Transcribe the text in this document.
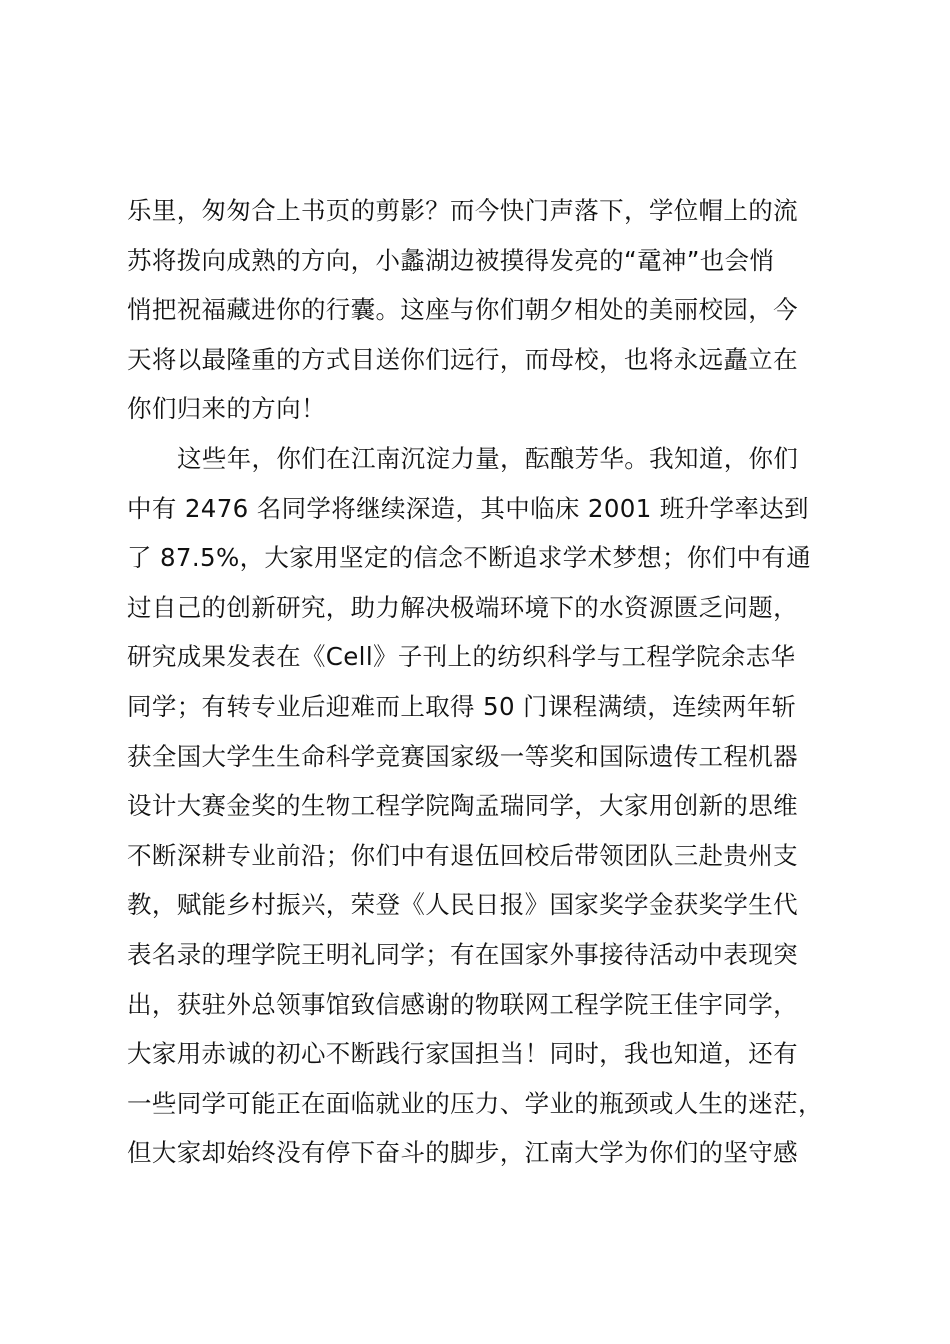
乐里，匆匆合上书页的剪影？而今快门声落下，学位帽上的流
苏将拨向成熟的方向，小蠡湖边被摸得发亮的“鼋神”也会悄
悄把祝福藏进你的行囊。这座与你们朝夕相处的美丽校园，今
天将以最隆重的方式目送你们远行，而母校，也将永远矗立在
你们归来的方向！
这些年，你们在江南沉淀力量，酝酿芳华。我知道，你们
中有 2476 名同学将继续深造，其中临床 2001 班升学率达到
了 87.5%，大家用坚定的信念不断追求学术梦想；你们中有通
过自己的创新研究，助力解决极端环境下的水资源匮乏问题，
研究成果发表在《Cell》子刊上的纺织科学与工程学院余志华
同学；有转专业后迎难而上取得 50 门课程满绩，连续两年斩
获全国大学生生命科学竞赛国家级一等奖和国际遗传工程机器
设计大赛金奖的生物工程学院陶孟瑞同学，大家用创新的思维
不断深耕专业前沿；你们中有退伍回校后带领团队三赴贵州支
教，赋能乡村振兴，荣登《人民日报》国家奖学金获奖学生代
表名录的理学院王明礼同学；有在国家外事接待活动中表现突
出，获驻外总领事馆致信感谢的物联网工程学院王佳宇同学，
大家用赤诚的初心不断践行家国担当！同时，我也知道，还有
一些同学可能正在面临就业的压力、学业的瓶颈或人生的迷茫，
但大家却始终没有停下奋斗的脚步，江南大学为你们的坚守感
